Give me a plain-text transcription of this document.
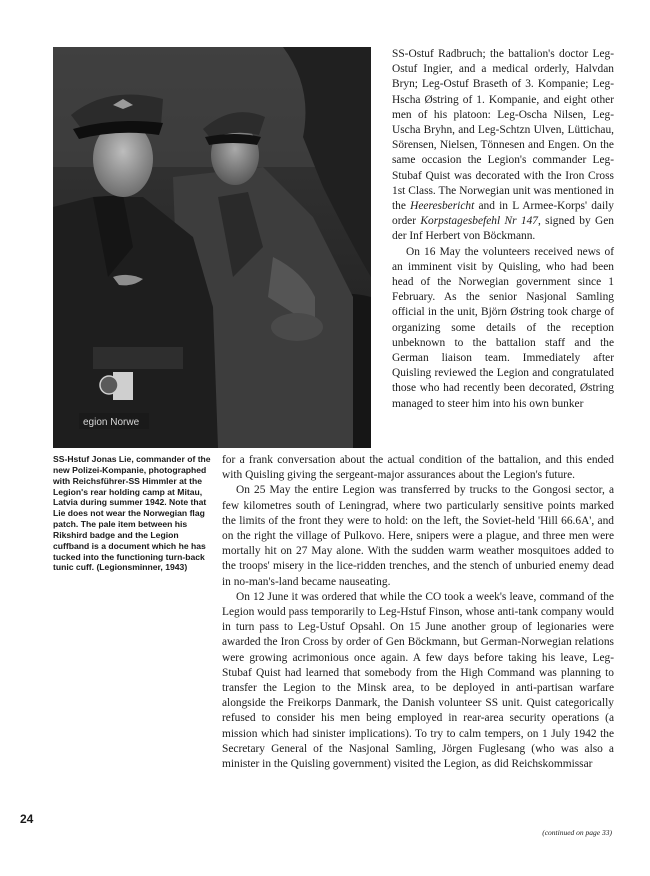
egion Norwe
SS-Hstuf Jonas Lie, commander of the new Polizei-Kompanie, photographed with Reichsführer-SS Himmler at the Legion's rear holding camp at Mitau, Latvia during summer 1942. Note that Lie does not wear the Norwegian flag patch. The pale item between his Rikshird badge and the Legion cuffband is a document which he has tucked into the functioning turn-back tunic cuff. (Legionsminner, 1943)

SS-Ostuf Radbruch; the battalion's doctor Leg-Ostuf Ingier, and a medical orderly, Halvdan Bryn; Leg-Ostuf Braseth of 3. Kompanie; Leg-Hscha Østring of 1. Kompanie, and eight other men of his platoon: Leg-Oscha Nilsen, Leg-Uscha Bryhn, and Leg-Schtzn Ulven, Lüttichau, Sörensen, Nielsen, Tönnesen and Engen. On the same occasion the Legion's commander Leg-Stubaf Quist was decorated with the Iron Cross 1st Class. The Norwegian unit was mentioned in the Heeresbericht and in L Armee-Korps' daily order Korpstagesbefehl Nr 147, signed by Gen der Inf Herbert von Böckmann.

On 16 May the volunteers received news of an imminent visit by Quisling, who had been head of the Norwegian government since 1 February. As the senior Nasjonal Samling official in the unit, Björn Østring took charge of organizing some details of the reception unbeknown to the battalion staff and the German liaison team. Immediately after Quisling reviewed the Legion and congratulated those who had recently been decorated, Østring managed to steer him into his own bunker

for a frank conversation about the actual condition of the battalion, and this ended with Quisling giving the sergeant-major assurances about the Legion's future.

On 25 May the entire Legion was transferred by trucks to the Gongosi sector, a few kilometres south of Leningrad, where two particularly sensitive points marked the limits of the front they were to hold: on the left, the Soviet-held 'Hill 66.6A', and on the right the village of Pulkovo. Here, snipers were a plague, and three men were mortally hit on 27 May alone. With the sudden warm weather mosquitoes added to the troops' misery in the lice-ridden trenches, and the stench of unburied enemy dead in no-man's-land became nauseating.

On 12 June it was ordered that while the CO took a week's leave, command of the Legion would pass temporarily to Leg-Hstuf Finson, whose anti-tank company would in turn pass to Leg-Ustuf Opsahl. On 15 June another group of legionaries were awarded the Iron Cross by order of Gen Böckmann, but German-Norwegian relations were growing acrimonious once again. A few days before taking his leave, Leg-Stubaf Quist had learned that somebody from the High Command was planning to transfer the Legion to the Minsk area, to be deployed in anti-partisan warfare alongside the Freikorps Danmark, the Danish volunteer SS unit. Quist categorically refused to consider his men being employed in rear-area security operations (a mission which had sinister implications). To try to calm tempers, on 1 July 1942 the Secretary General of the Nasjonal Samling, Jörgen Fuglesang (who was also a minister in the Quisling government) visited the Legion, as did Reichskommissar

24
(continued on page 33)
